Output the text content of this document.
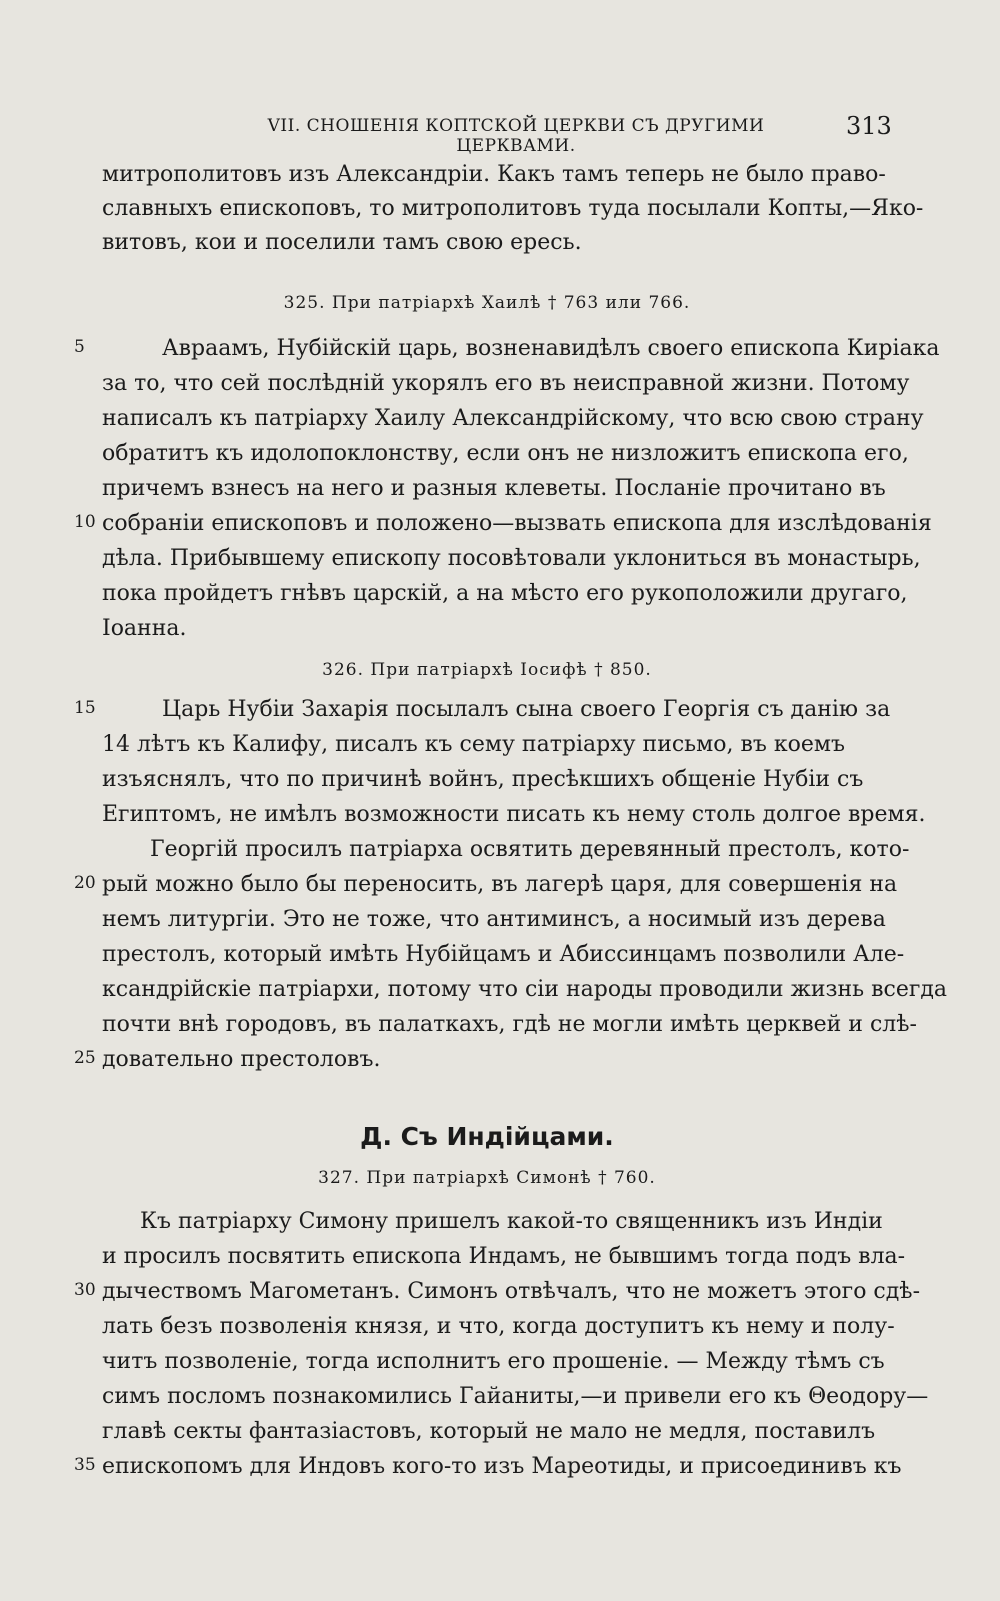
VII. СНОШЕНІЯ КОПТСКОЙ ЦЕРКВИ СЪ ДРУГИМИ ЦЕРКВАМИ.
313
митрополитовъ изъ Александріи. Какъ тамъ теперь не было право-
славныхъ епископовъ, то митрополитовъ туда посылали Копты,—Яко-
витовъ, кои и поселили тамъ свою ересь.
325. При патріархѣ Хаилѣ † 763 или 766.
5	Авраамъ, Нубійскій царь, возненавидѣлъ своего епископа Киріака
за то, что сей послѣдній укорялъ его въ неисправной жизни. Потому
написалъ къ патріарху Хаилу Александрійскому, что всю свою страну
обратитъ къ идолопоклонству, если онъ не низложитъ епископа его,
причемъ взнесъ на него и разныя клеветы. Посланіе прочитано въ
10 собраніи епископовъ и положено—вызвать епископа для изслѣдованія
дѣла. Прибывшему епископу посовѣтовали уклониться въ монастырь,
пока пройдетъ гнѣвъ царскій, а на мѣсто его рукоположили другаго,
Іоанна.
326. При патріархѣ Іосифѣ † 850.
15	Царь Нубіи Захарія посылалъ сына своего Георгія съ данію за
14 лѣтъ къ Калифу, писалъ къ сему патріарху письмо, въ коемъ
изъяснялъ, что по причинѣ войнъ, пресѣкшихъ общеніе Нубіи съ
Египтомъ, не имѣлъ возможности писать къ нему столь долгое время.
Георгій просилъ патріарха освятить деревянный престолъ, кото-
20 рый можно было бы переносить, въ лагерѣ царя, для совершенія на
немъ литургіи. Это не тоже, что антиминсъ, а носимый изъ дерева
престолъ, который имѣть Нубійцамъ и Абиссинцамъ позволили Але-
ксандрійскіе патріархи, потому что сіи народы проводили жизнь всегда
почти внѣ городовъ, въ палаткахъ, гдѣ не могли имѣть церквей и слѣ-
25 довательно престоловъ.
Д. Съ Индійцами.
327. При патріархѣ Симонѣ † 760.
Къ патріарху Симону пришелъ какой-то священникъ изъ Индіи
и просилъ посвятить епископа Индамъ, не бывшимъ тогда подъ вла-
30 дычествомъ Магометанъ. Симонъ отвѣчалъ, что не можетъ этого сдѣ-
лать безъ позволенія князя, и что, когда доступитъ къ нему и полу-
читъ позволеніе, тогда исполнитъ его прошеніе. — Между тѣмъ съ
симъ посломъ познакомились Гайаниты,—и привели его къ Θеодору—
главѣ секты фантазіастовъ, который не мало не медля, поставилъ
35 епископомъ для Индовъ кого-то изъ Мареотиды, и присоединивъ къ
